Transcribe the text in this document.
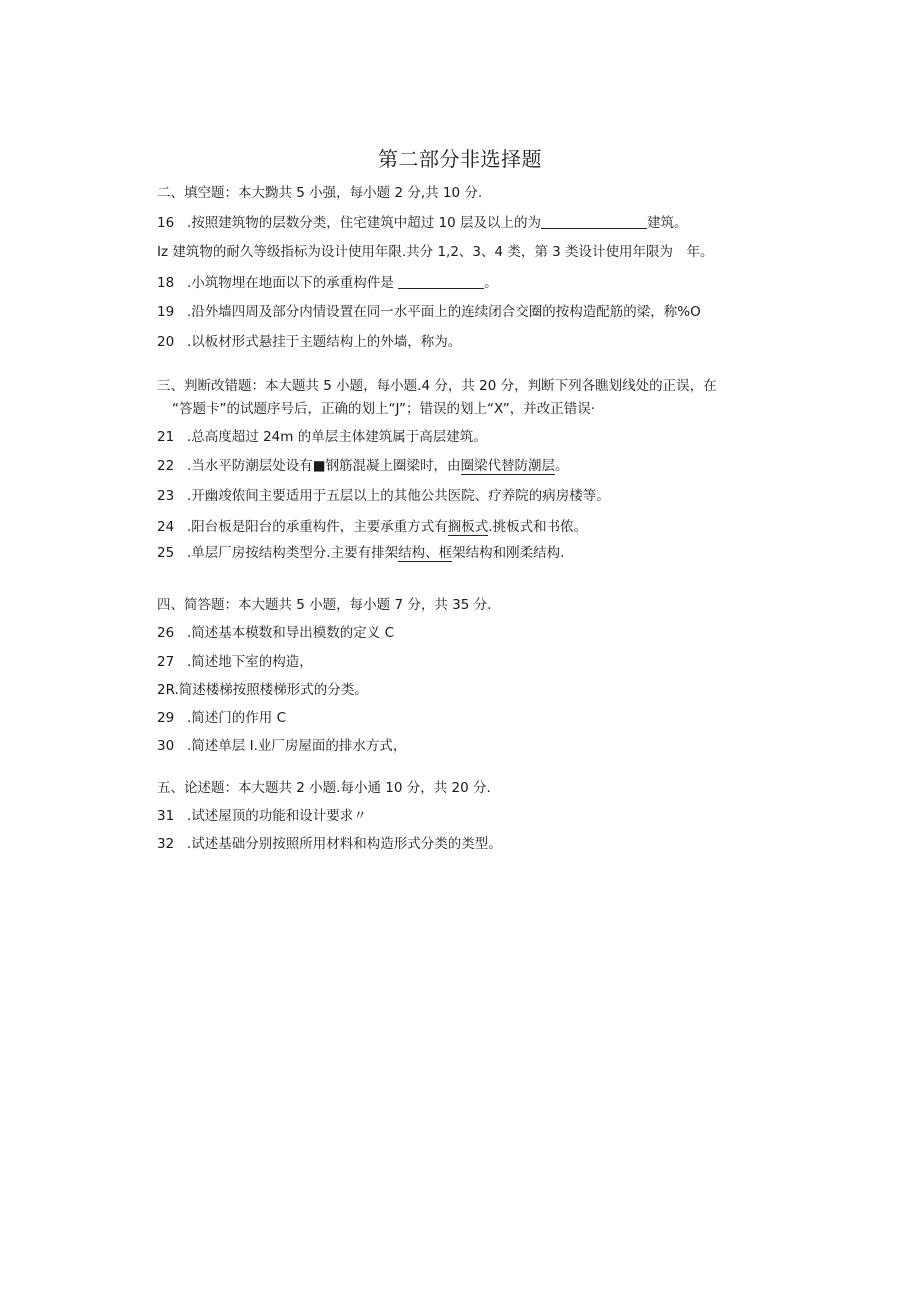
第二部分非选择题
二、填空题：本大黝共 5 小强，每小题 2 分,共 10 分.
16 .按照建筑物的层数分类，住宅建筑中超过 10 层及以上的为	建筑。
Iz 建筑物的耐久等级指标为设计使用年限.共分 1,2、3、4 类，第 3 类设计使用年限为　年。
18 .小筑物埋在地面以下的承重构件是	。
19 .沿外墙四周及部分内情设置在同一水平面上的连续闭合交圈的按构造配筋的梁，称%O
20 .以板材形式悬挂于主题结构上的外墙，称为。
三、判断改错题：本大题共 5 小题，每小题.4 分，共 20 分，判断下列各瞧划线处的正误，在
“答题卡”的试题序号后，正确的划上“J”；错误的划上“X”，并改正错误·
21 .总高度超过 24m 的单层主体建筑属于高层建筑。
22 .当水平防潮层处设有■钢筋混凝上圈梁时，由圈梁代替防潮层。
23 .开幽竣侬间主要适用于五层以上的其他公共医院、疗养院的病房楼等。
24 .阳台板是阳台的承重构件，主要承重方式有搁板式.挑板式和书侬。
25 .单层厂房按结构类型分.主要有排架结构、框架结构和刚柔结构.
四、简答题：本大题共 5 小题，每小题 7 分，共 35 分.
26 .简述基本模数和导出模数的定义 C
27 .简述地下室的构造，
2R.简述楼梯按照楼梯形式的分类。
29 .简述门的作用 C
30 .简述单层 I.业厂房屋面的排水方式，
五、论述题：本大题共 2 小题.每小通 10 分，共 20 分.
31 .试述屋顶的功能和设计要求〃
32 .试述基础分别按照所用材料和构造形式分类的类型。
